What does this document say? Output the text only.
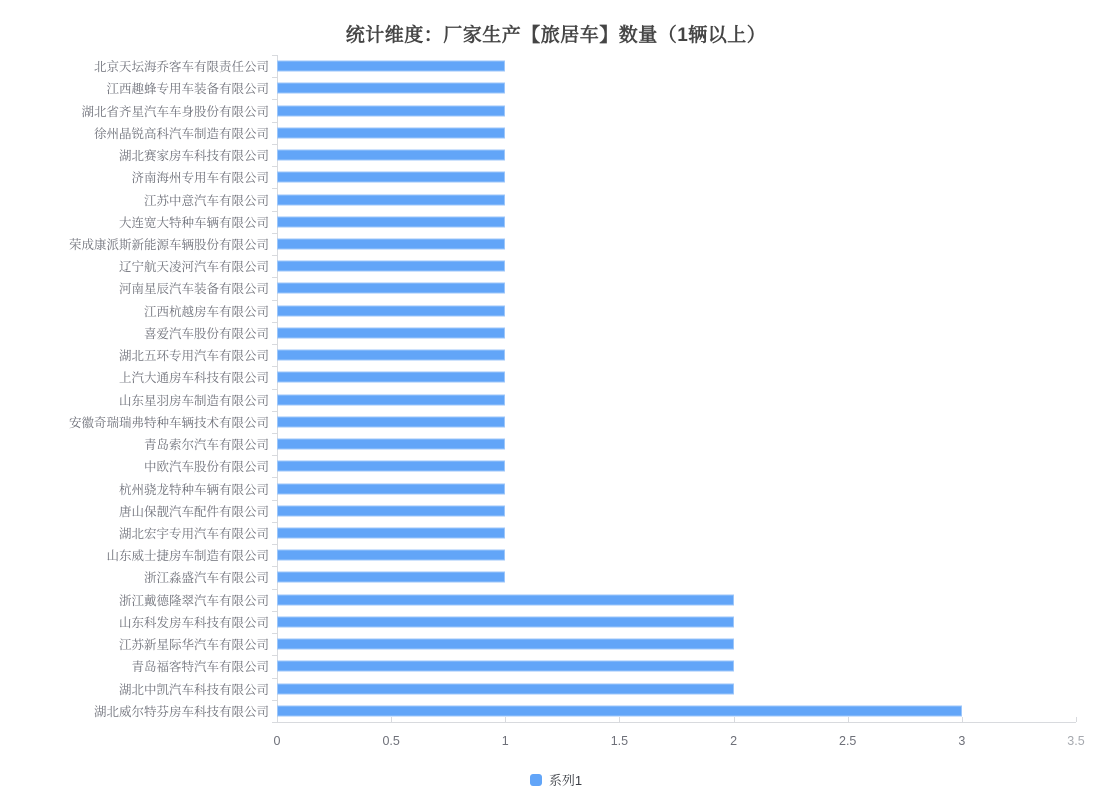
统计维度：厂家生产【旅居车】数量（1辆以上）
北京天坛海乔客车有限责任公司
江西趣蜂专用车装备有限公司
湖北省齐星汽车车身股份有限公司
徐州晶锐高科汽车制造有限公司
湖北赛家房车科技有限公司
济南海州专用车有限公司
江苏中意汽车有限公司
大连宽大特种车辆有限公司
荣成康派斯新能源车辆股份有限公司
辽宁航天凌河汽车有限公司
河南星辰汽车装备有限公司
江西杭越房车有限公司
喜爱汽车股份有限公司
湖北五环专用汽车有限公司
上汽大通房车科技有限公司
山东星羽房车制造有限公司
安徽奇瑞瑞弗特种车辆技术有限公司
青岛索尔汽车有限公司
中欧汽车股份有限公司
杭州骁龙特种车辆有限公司
唐山保靓汽车配件有限公司
湖北宏宇专用汽车有限公司
山东威士捷房车制造有限公司
浙江淼盛汽车有限公司
浙江戴德隆翠汽车有限公司
山东科发房车科技有限公司
江苏新星际华汽车有限公司
青岛福客特汽车有限公司
湖北中凯汽车科技有限公司
湖北威尔特芬房车科技有限公司
0	0.5	1	1.5	2	2.5	3	3.5
系列1
